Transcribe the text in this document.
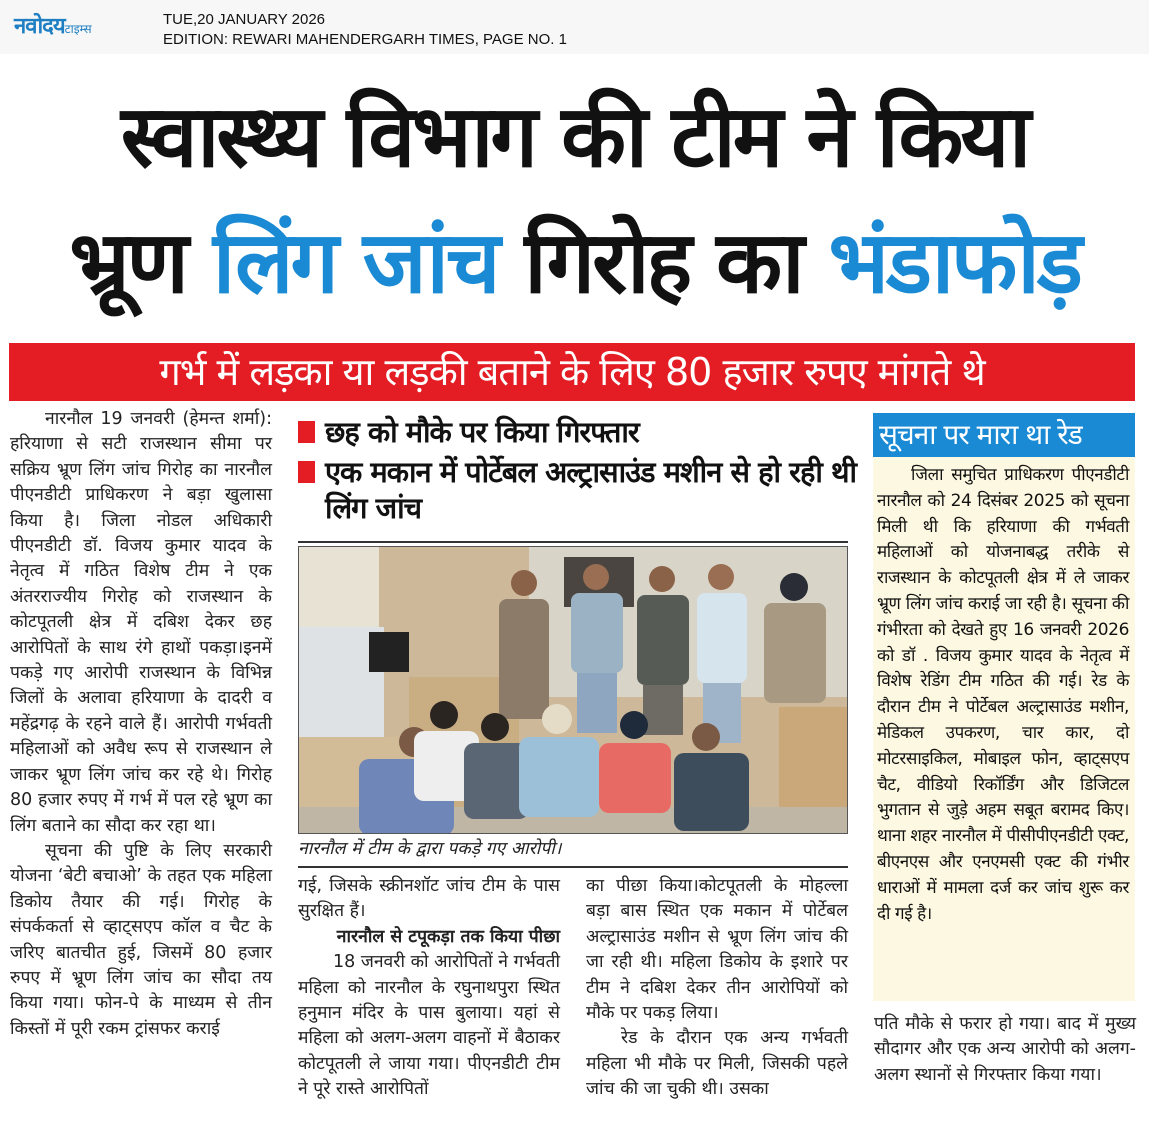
नवोदयटाइम्स
TUE,20 JANUARY 2026
EDITION: REWARI MAHENDERGARH TIMES, PAGE NO. 1
स्वास्थ्य विभाग की टीम ने किया
भ्रूण लिंग जांच गिरोह का भंडाफोड़
गर्भ में लड़का या लड़की बताने के लिए 80 हजार रुपए मांगते थे

नारनौल 19 जनवरी (हेमन्त शर्मा): हरियाणा से सटी राजस्थान सीमा पर सक्रिय भ्रूण लिंग जांच गिरोह का नारनौल पीएनडीटी प्राधिकरण ने बड़ा खुलासा किया है। जिला नोडल अधिकारी पीएनडीटी डॉ. विजय कुमार यादव के नेतृत्व में गठित विशेष टीम ने एक अंतरराज्यीय गिरोह को राजस्थान के कोटपूतली क्षेत्र में दबिश देकर छह आरोपितों के साथ रंगे हाथों पकड़ा।इनमें पकड़े गए आरोपी राजस्थान के विभिन्न जिलों के अलावा हरियाणा के दादरी व महेंद्रगढ़ के रहने वाले हैं। आरोपी गर्भवती महिलाओं को अवैध रूप से राजस्थान ले जाकर भ्रूण लिंग जांच कर रहे थे। गिरोह 80 हजार रुपए में गर्भ में पल रहे भ्रूण का लिंग बताने का सौदा कर रहा था।

सूचना की पुष्टि के लिए सरकारी योजना ‘बेटी बचाओ’ के तहत एक महिला डिकोय तैयार की गई। गिरोह के संपर्ककर्ता से व्हाट्सएप कॉल व चैट के जरिए बातचीत हुई, जिसमें 80 हजार रुपए में भ्रूण लिंग जांच का सौदा तय किया गया। फोन-पे के माध्यम से तीन किस्तों में पूरी रकम ट्रांसफर कराई

छह को मौके पर किया गिरफ्तार
एक मकान में पोर्टेबल अल्ट्रासाउंड मशीन से हो रही थी लिंग जांच
नारनौल में टीम के द्वारा पकड़े गए आरोपी।

गई, जिसके स्क्रीनशॉट जांच टीम के पास सुरक्षित हैं।

नारनौल से टपूकड़ा तक किया पीछा

18 जनवरी को आरोपितों ने गर्भवती महिला को नारनौल के रघुनाथपुरा स्थित हनुमान मंदिर के पास बुलाया। यहां से महिला को अलग-अलग वाहनों में बैठाकर कोटपूतली ले जाया गया। पीएनडीटी टीम ने पूरे रास्ते आरोपितों

का पीछा किया।कोटपूतली के मोहल्ला बड़ा बास स्थित एक मकान में पोर्टेबल अल्ट्रासाउंड मशीन से भ्रूण लिंग जांच की जा रही थी। महिला डिकोय के इशारे पर टीम ने दबिश देकर तीन आरोपियों को मौके पर पकड़ लिया।

रेड के दौरान एक अन्य गर्भवती महिला भी मौके पर मिली, जिसकी पहले जांच की जा चुकी थी। उसका

सूचना पर मारा था रेड

जिला समुचित प्राधिकरण पीएनडीटी नारनौल को 24 दिसंबर 2025 को सूचना मिली थी कि हरियाणा की गर्भवती महिलाओं को योजनाबद्ध तरीके से राजस्थान के कोटपूतली क्षेत्र में ले जाकर भ्रूण लिंग जांच कराई जा रही है। सूचना की गंभीरता को देखते हुए 16 जनवरी 2026 को डॉ . विजय कुमार यादव के नेतृत्व में विशेष रेडिंग टीम गठित की गई। रेड के दौरान टीम ने पोर्टेबल अल्ट्रासाउंड मशीन, मेडिकल उपकरण, चार कार, दो मोटरसाइकिल, मोबाइल फोन, व्हाट्सएप चैट, वीडियो रिकॉर्डिंग और डिजिटल भुगतान से जुड़े अहम सबूत बरामद किए। थाना शहर नारनौल में पीसीपीएनडीटी एक्ट, बीएनएस और एनएमसी एक्ट की गंभीर धाराओं में मामला दर्ज कर जांच शुरू कर दी गई है।

पति मौके से फरार हो गया। बाद में मुख्य सौदागर और एक अन्य आरोपी को अलग-अलग स्थानों से गिरफ्तार किया गया।
